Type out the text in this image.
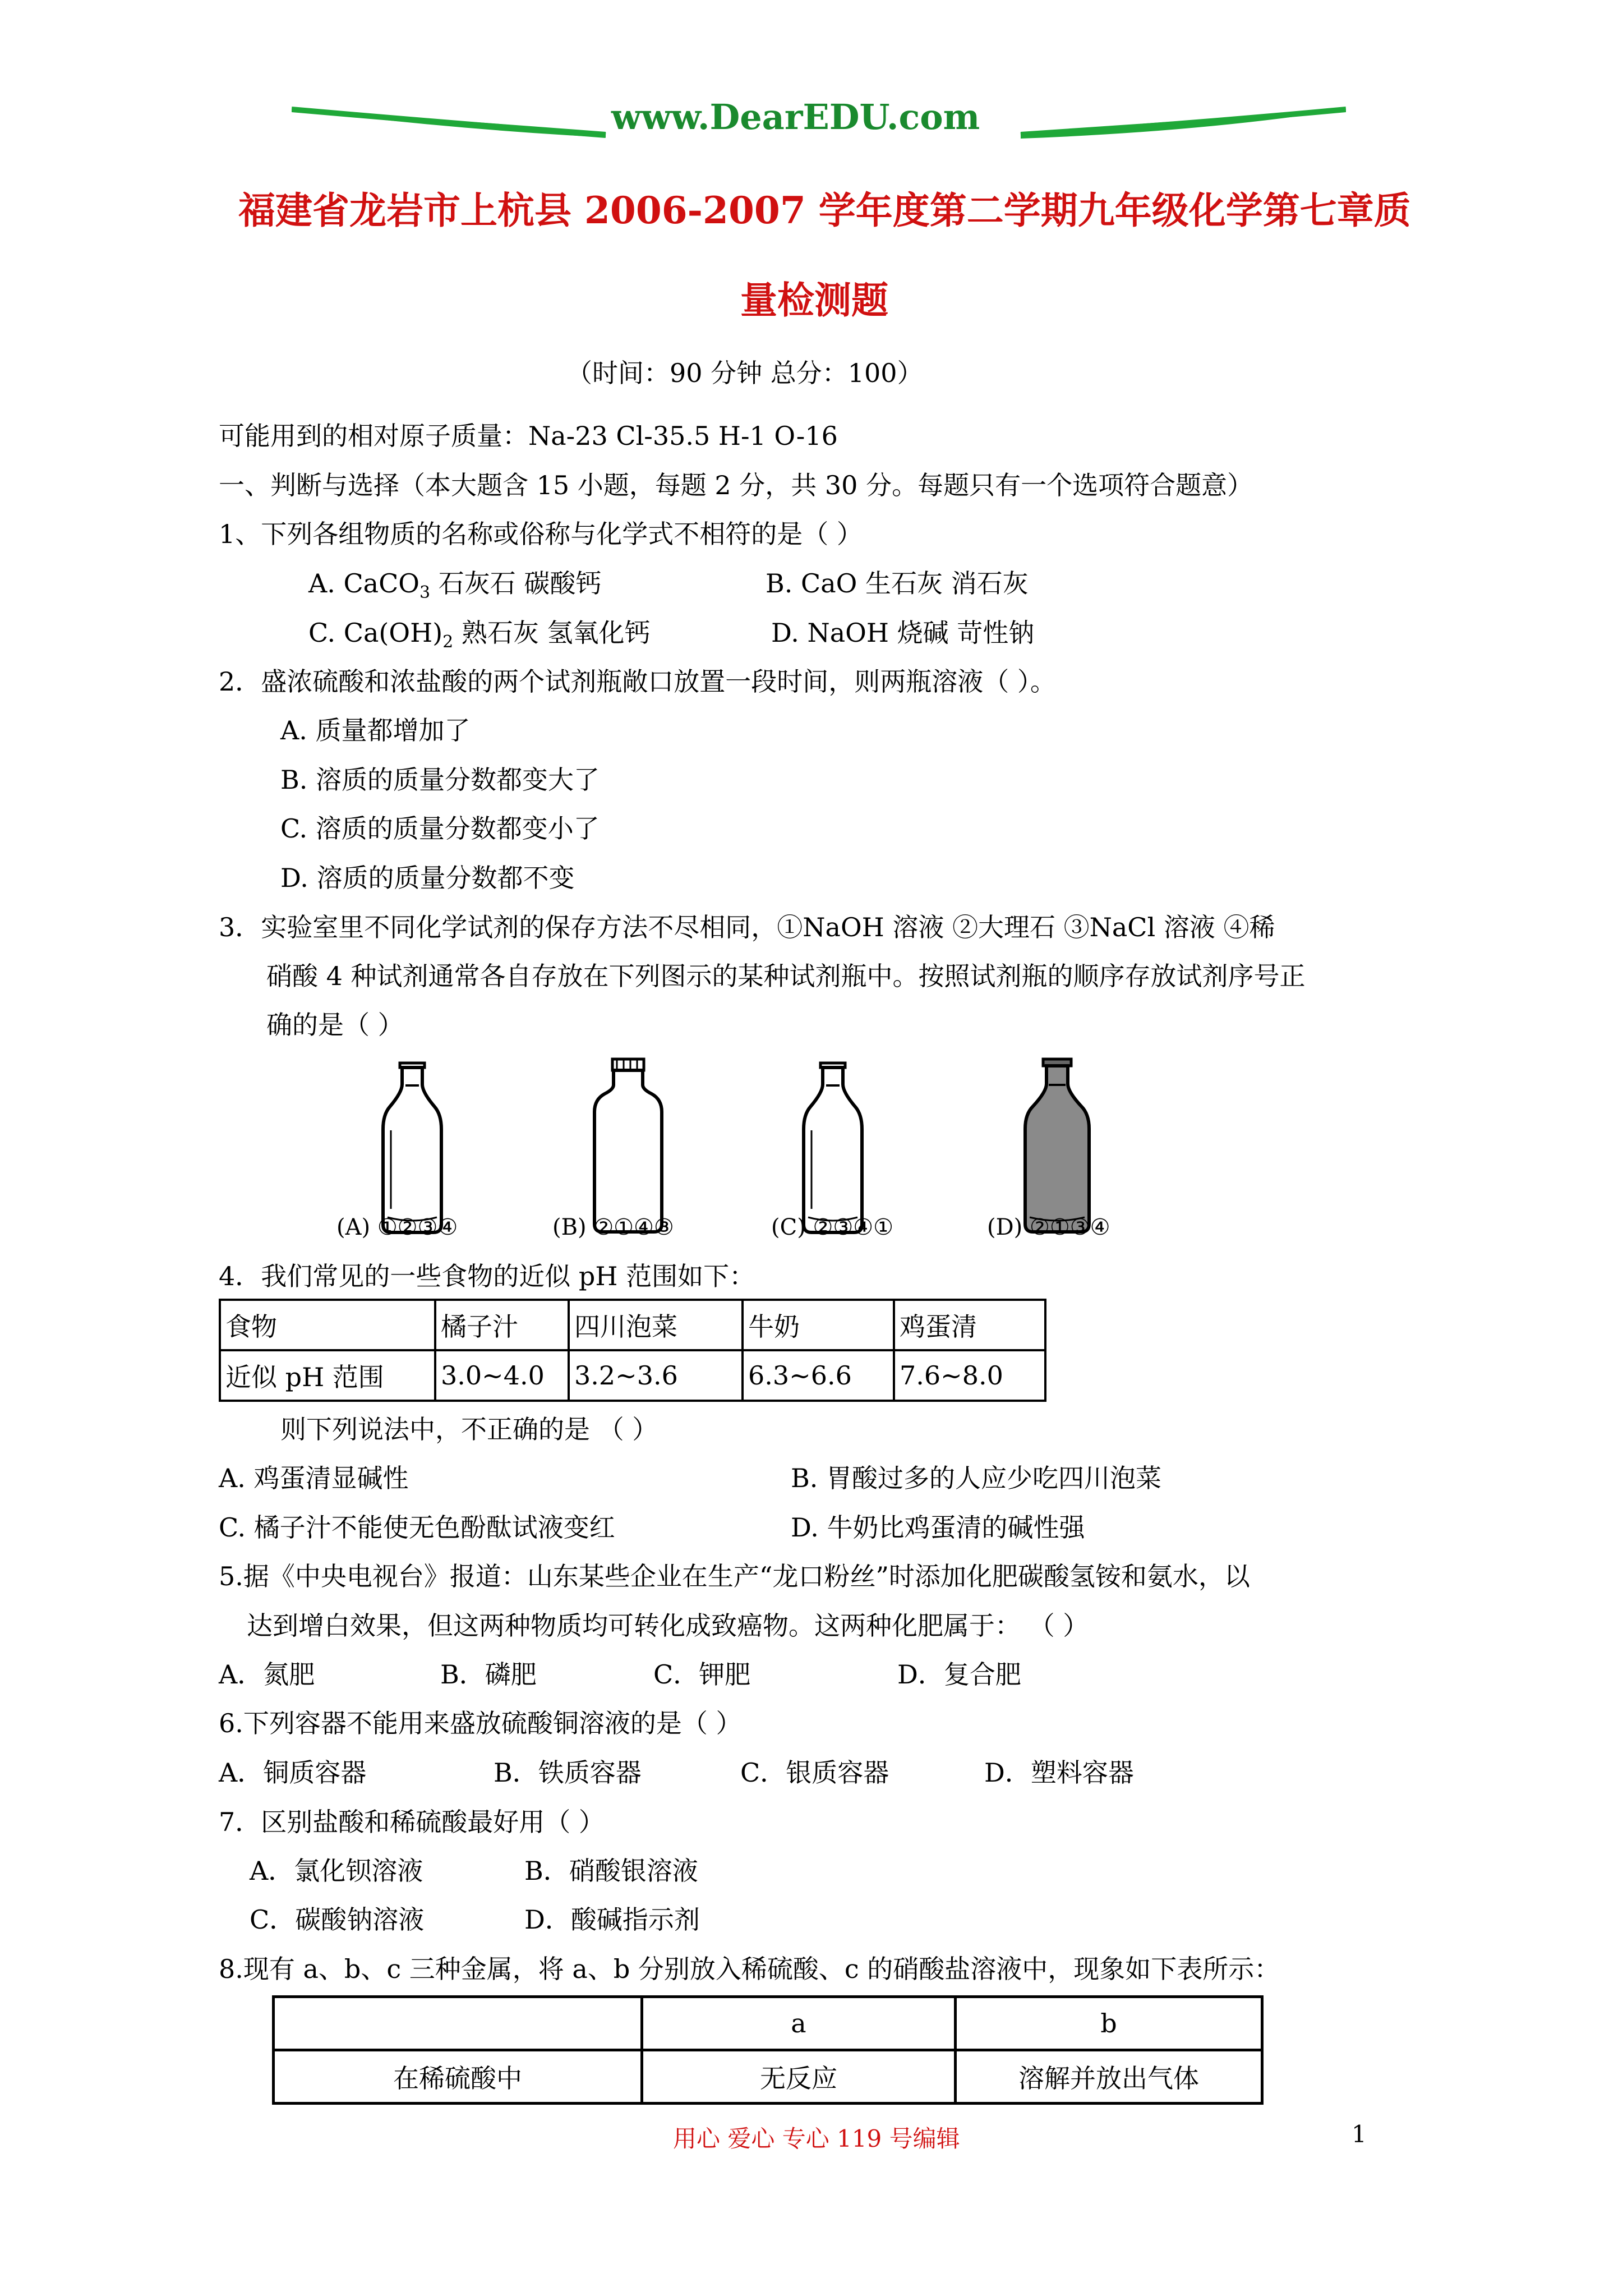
www.DearEDU.com
福建省龙岩市上杭县 2006-2007 学年度第二学期九年级化学第七章质
量检测题
（时间：90 分钟 总分：100）
可能用到的相对原子质量：Na-23 Cl-35.5 H-1 O-16
一、判断与选择（本大题含 15 小题，每题 2 分，共 30 分。每题只有一个选项符合题意）
1、下列各组物质的名称或俗称与化学式不相符的是（ ）
A. CaCO$_3$ 石灰石 碳酸钙	B. CaO 生石灰 消石灰
C. $Ca(OH)_2$ 熟石灰 氢氧化钙	D. NaOH 烧碱 苛性钠
2．盛浓硫酸和浓盐酸的两个试剂瓶敞口放置一段时间，则两瓶溶液（ ）。
A. 质量都增加了
B. 溶质的质量分数都变大了
C. 溶质的质量分数都变小了
D. 溶质的质量分数都不变
3．实验室里不同化学试剂的保存方法不尽相同，①NaOH 溶液 ②大理石 ③NaCl 溶液 ④稀
硝酸 4 种试剂通常各自存放在下列图示的某种试剂瓶中。按照试剂瓶的顺序存放试剂序号正
确的是（ ）
(A) ①②③④	(B) ②①④③	(C) ②③④①	(D) ②①③④
4．我们常见的一些食物的近似 pH 范围如下：
食物	橘子汁	四川泡菜	牛奶	鸡蛋清
近似 pH 范围	3.0~4.0	3.2~3.6	6.3~6.6	7.6~8.0
则下列说法中，不正确的是 （ ）
A. 鸡蛋清显碱性	B. 胃酸过多的人应少吃四川泡菜
C. 橘子汁不能使无色酚酞试液变红	D. 牛奶比鸡蛋清的碱性强
5.据《中央电视台》报道：山东某些企业在生产“龙口粉丝”时添加化肥碳酸氢铵和氨水，以
达到增白效果，但这两种物质均可转化成致癌物。这两种化肥属于： （ ）
A．氮肥	B．磷肥	C．钾肥	D．复合肥
6.下列容器不能用来盛放硫酸铜溶液的是（ ）
A．铜质容器	B．铁质容器	C．银质容器	D．塑料容器
7．区别盐酸和稀硫酸最好用（ ）
A．氯化钡溶液	B．硝酸银溶液
C．碳酸钠溶液	D．酸碱指示剂
8.现有 a、b、c 三种金属，将 a、b 分别放入稀硫酸、c 的硝酸盐溶液中，现象如下表所示：
	a	b
在稀硫酸中	无反应	溶解并放出气体
用心 爱心 专心 119 号编辑	1
